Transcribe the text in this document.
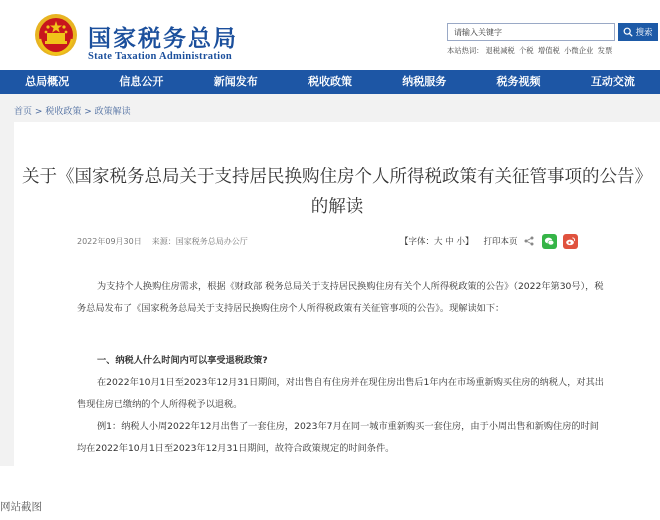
国家税务总局
State Taxation Administration
请输入关键字	搜索
本站热词： 退税减税 个税 增值税 小微企业 发票
总局概况	信息公开	新闻发布	税收政策	纳税服务	税务视频	互动交流
首页 > 税收政策 > 政策解读
关于《国家税务总局关于支持居民换购住房个人所得税政策有关征管事项的公告》的解读
2022年09月30日 来源：国家税务总局办公厅	【字体：大 中 小】 打印本页
为支持个人换购住房需求，根据《财政部 税务总局关于支持居民换购住房有关个人所得税政策的公告》（2022年第30号），税务总局发布了《国家税务总局关于支持居民换购住房个人所得税政策有关征管事项的公告》。现解读如下：
一、纳税人什么时间内可以享受退税政策?
在2022年10月1日至2023年12月31日期间，对出售自有住房并在现住房出售后1年内在市场重新购买住房的纳税人，对其出售现住房已缴纳的个人所得税予以退税。
例1：纳税人小周2022年12月出售了一套住房，2023年7月在同一城市重新购买一套住房，由于小周出售和新购住房的时间均在2022年10月1日至2023年12月31日期间，故符合政策规定的时间条件。
网站截图
